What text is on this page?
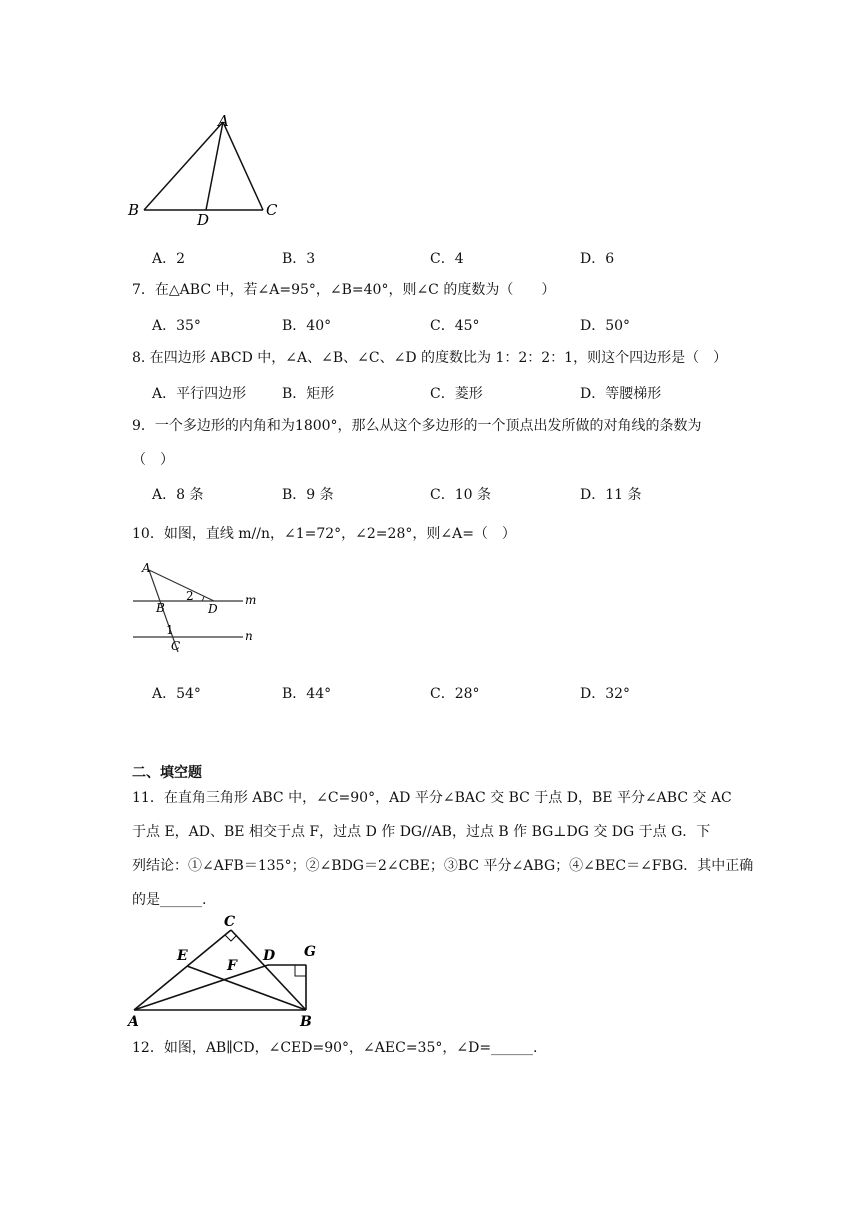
A
B	C
D
A．2	B．3	C．4	D．6
7．在△ABC 中，若∠A=95°，∠B=40°，则∠C 的度数为（　　）
A．35°	B．40°	C．45°	D．50°
8. 在四边形 ABCD 中，∠A、∠B、∠C、∠D 的度数比为 1：2：2：1，则这个四边形是（　）
A．平行四边形	B．矩形	C．菱形	D．等腰梯形
9．一个多边形的内角和为1800°，那么从这个多边形的一个顶点出发所做的对角线的条数为
（　）
A．8 条	B．9 条	C．10 条	D．11 条
10．如图，直线 m//n，∠1=72°，∠2=28°，则∠A=（　）
A
B
C
D
m
n
1
2
A．54°	B．44°	C．28°	D．32°
二、填空题
11．在直角三角形 ABC 中，∠C=90°，AD 平分∠BAC 交 BC 于点 D，BE 平分∠ABC 交 AC
于点 E，AD、BE 相交于点 F，过点 D 作 DG//AB，过点 B 作 BG⊥DG 交 DG 于点 G．下
列结论：①∠AFB＝135°；②∠BDG＝2∠CBE；③BC 平分∠ABG；④∠BEC＝∠FBG．其中正确
的是______.
A	B
C
D
E
F
G
12．如图，AB∥CD，∠CED=90°，∠AEC=35°，∠D=______.
